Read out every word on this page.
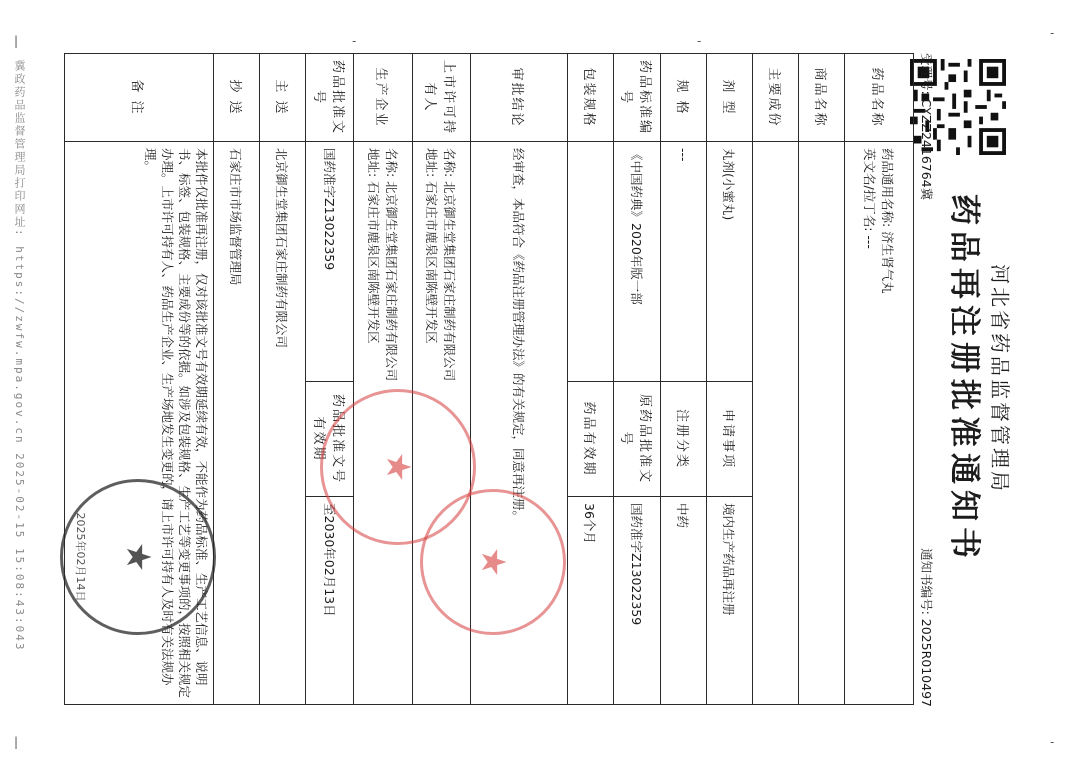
|	-	-
-
|	-
冀政药品监督管理局打印网址: https://zwfw.mpa.gov.cn 2025-02-15 15:08:43:043	河北省药品监督管理局
药品再注册批准通知书
受理号: CYZZ2416764冀
通知书编号: 2025R010497
药品名称	药品通用名称: 济生肾气丸
英文名/拉丁名: ---		

商品名称			
主要成份			
剂 型	丸剂(小蜜丸)	申请事项	境内生产药品再注册
规 格	---	注册分类	中药
药品标准编号	《中国药典》2020年版一部	原药品批准文号	国药准字Z13022359
包装规格		药品有效期	36个月
审批结论	经审查，本品符合《药品注册管理办法》的有关规定，同意再注册。		
上市许可持有人	名称: 北京御生堂集团石家庄制药有限公司
地址: 石家庄市鹿泉区南陈壁开发区		

生产企业	名称: 北京御生堂集团石家庄制药有限公司
地址: 石家庄市鹿泉区南陈壁开发区		

药品批准文号	国药准字Z13022359	药品批准文号有效期	至2030年02月13日
主 送	北京御生堂集团石家庄制药有限公司		
抄 送	石家庄市市场监督管理局		
备 注	本批件仅批准再注册，仅对该批准文号有效期延续有效，不能作为药品标准、生产工艺信息、说明书、标签、包装规格、主要成份等的依据。如涉及包装规格、生产工艺等变更事项的，按照相关规定办理。上市许可持有人、药品生产企业、生产场地发生变更的，请上市许可持有人及时有关法规办理。		
★
★
★
2025年02月14日
